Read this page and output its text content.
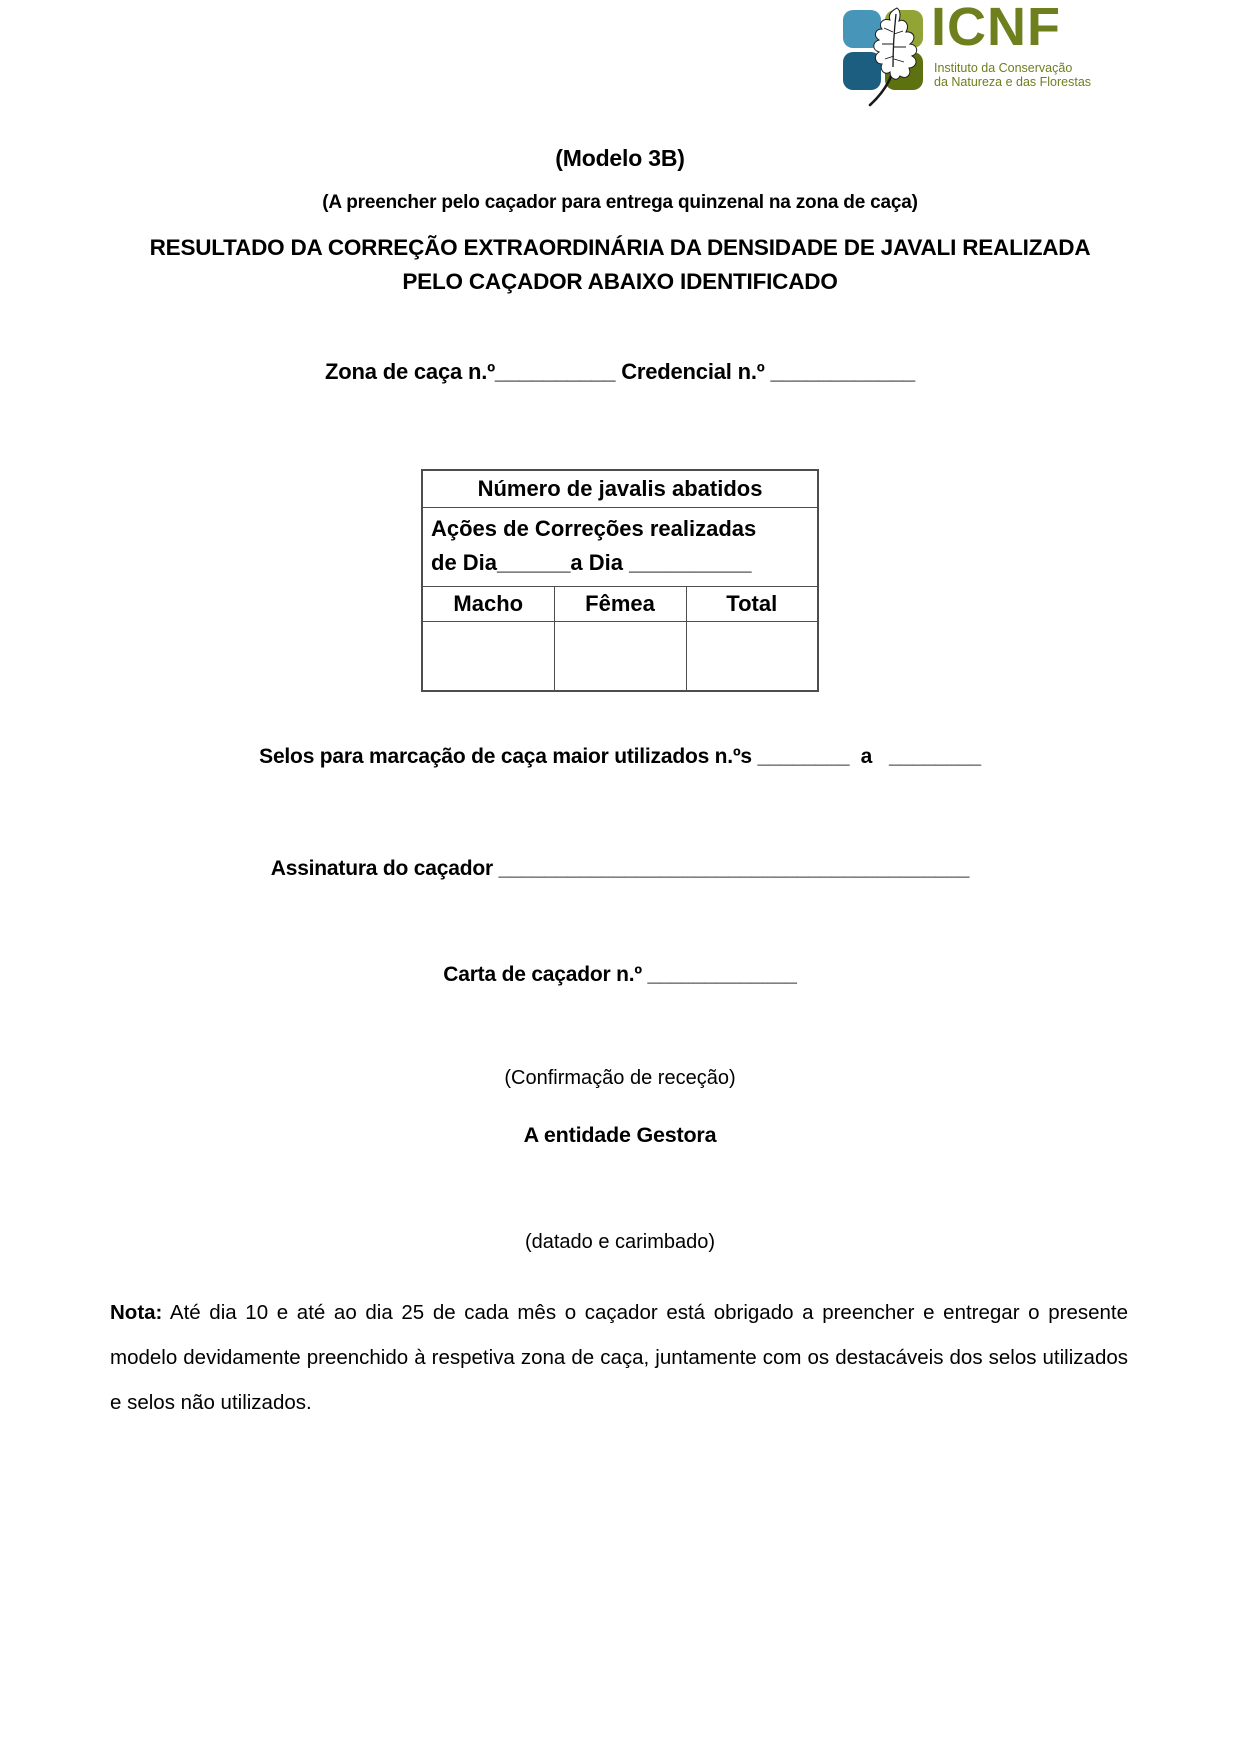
ICNF
Instituto da Conservação
da Natureza e das Florestas
(Modelo 3B)
(A preencher pelo caçador para entrega quinzenal na zona de caça)
RESULTADO DA CORREÇÃO EXTRAORDINÁRIA DA DENSIDADE DE JAVALI REALIZADA PELO CAÇADOR ABAIXO IDENTIFICADO
Zona de caça n.º__________ Credencial n.º ____________
Número de javalis abatidos		
Ações de Correções realizadas
de Dia______a Dia __________		
Macho	Fêmea	Total

Selos para marcação de caça maior utilizados n.ºs ________  a   ________
Assinatura do caçador _________________________________________
Carta de caçador n.º _____________
(Confirmação de receção)
A entidade Gestora
(datado e carimbado)

Nota: Até dia 10 e até ao dia 25 de cada mês o caçador está obrigado a preencher e entregar o presente modelo devidamente preenchido à respetiva zona de caça, juntamente com os destacáveis dos selos utilizados e selos não utilizados.
